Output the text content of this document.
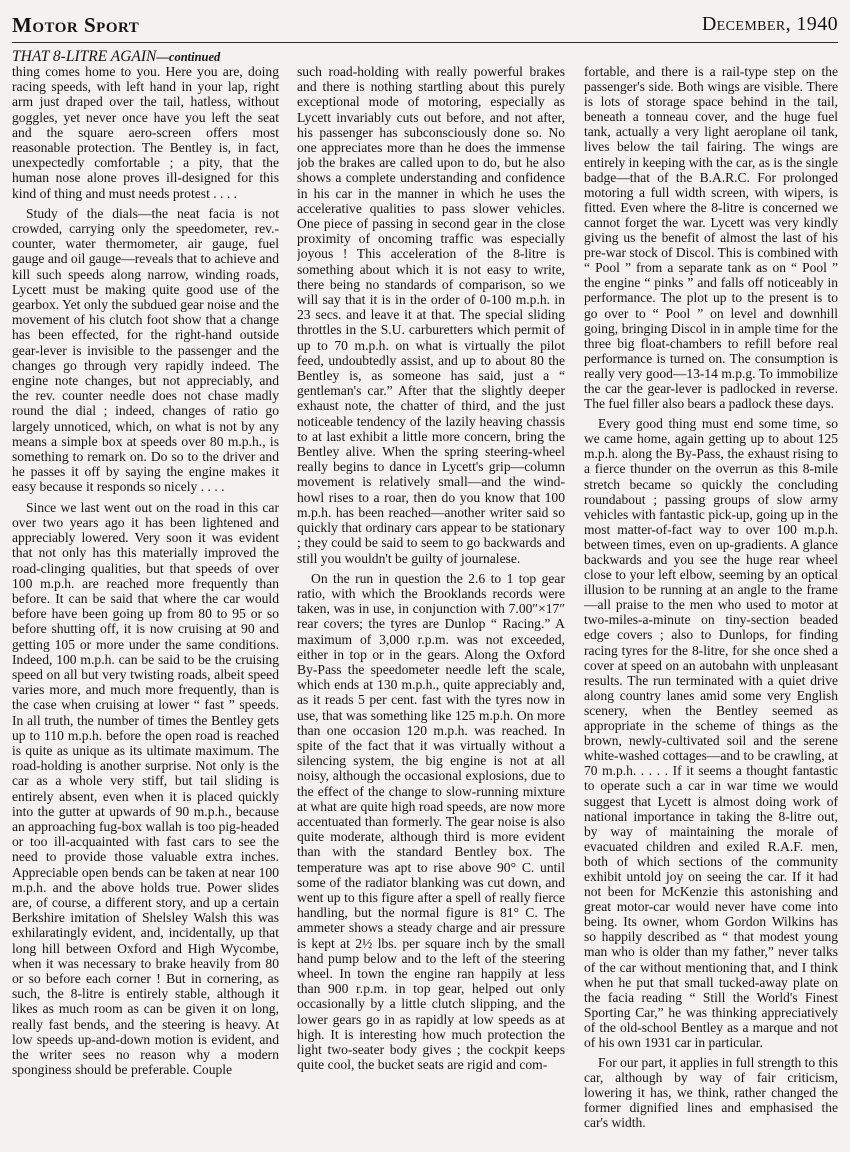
Motor Sport	December, 1940
THAT 8-LITRE AGAIN—continued

thing comes home to you. Here you are, doing racing speeds, with left hand in your lap, right arm just draped over the tail, hatless, without goggles, yet never once have you left the seat and the square aero-screen offers most reasonable protection. The Bentley is, in fact, unexpectedly comfortable ; a pity, that the human nose alone proves ill-designed for this kind of thing and must needs protest . . . .

Study of the dials—the neat facia is not crowded, carrying only the speedometer, rev.-counter, water thermometer, air gauge, fuel gauge and oil gauge—reveals that to achieve and kill such speeds along narrow, winding roads, Lycett must be making quite good use of the gearbox. Yet only the subdued gear noise and the movement of his clutch foot show that a change has been effected, for the right-hand outside gear-lever is invisible to the passenger and the changes go through very rapidly indeed. The engine note changes, but not appreciably, and the rev. counter needle does not chase madly round the dial ; indeed, changes of ratio go largely unnoticed, which, on what is not by any means a simple box at speeds over 80 m.p.h., is something to remark on. Do so to the driver and he passes it off by saying the engine makes it easy because it responds so nicely . . . .

Since we last went out on the road in this car over two years ago it has been lightened and appreciably lowered. Very soon it was evident that not only has this materially improved the road-clinging qualities, but that speeds of over 100 m.p.h. are reached more frequently than before. It can be said that where the car would before have been going up from 80 to 95 or so before shutting off, it is now cruising at 90 and getting 105 or more under the same conditions. Indeed, 100 m.p.h. can be said to be the cruising speed on all but very twisting roads, albeit speed varies more, and much more frequently, than is the case when cruising at lower “ fast ” speeds. In all truth, the number of times the Bentley gets up to 110 m.p.h. before the open road is reached is quite as unique as its ultimate maximum. The road-holding is another surprise. Not only is the car as a whole very stiff, but tail sliding is entirely absent, even when it is placed quickly into the gutter at upwards of 90 m.p.h., because an approaching fug-box wallah is too pig-headed or too ill-acquainted with fast cars to see the need to provide those valuable extra inches. Appreciable open bends can be taken at near 100 m.p.h. and the above holds true. Power slides are, of course, a different story, and up a certain Berkshire imitation of Shelsley Walsh this was exhilaratingly evident, and, incidentally, up that long hill between Oxford and High Wycombe, when it was necessary to brake heavily from 80 or so before each corner ! But in cornering, as such, the 8-litre is entirely stable, although it likes as much room as can be given it on long, really fast bends, and the steering is heavy. At low speeds up-and-down motion is evident, and the writer sees no reason why a modern sponginess should be preferable. Couple

such road-holding with really powerful brakes and there is nothing startling about this purely exceptional mode of motoring, especially as Lycett invariably cuts out before, and not after, his passenger has subconsciously done so. No one appreciates more than he does the immense job the brakes are called upon to do, but he also shows a complete understanding and confidence in his car in the manner in which he uses the accelerative qualities to pass slower vehicles. One piece of passing in second gear in the close proximity of oncoming traffic was especially joyous ! This acceleration of the 8-litre is something about which it is not easy to write, there being no standards of comparison, so we will say that it is in the order of 0-100 m.p.h. in 23 secs. and leave it at that. The special sliding throttles in the S.U. carburetters which permit of up to 70 m.p.h. on what is virtually the pilot feed, undoubtedly assist, and up to about 80 the Bentley is, as someone has said, just a “ gentleman's car.” After that the slightly deeper exhaust note, the chatter of third, and the just noticeable tendency of the lazily heaving chassis to at last exhibit a little more concern, bring the Bentley alive. When the spring steering-wheel really begins to dance in Lycett's grip—column movement is relatively small—and the wind-howl rises to a roar, then do you know that 100 m.p.h. has been reached—another writer said so quickly that ordinary cars appear to be stationary ; they could be said to seem to go backwards and still you wouldn't be guilty of journalese.

On the run in question the 2.6 to 1 top gear ratio, with which the Brooklands records were taken, was in use, in conjunction with 7.00″×17″ rear covers; the tyres are Dunlop “ Racing.” A maximum of 3,000 r.p.m. was not exceeded, either in top or in the gears. Along the Oxford By-Pass the speedometer needle left the scale, which ends at 130 m.p.h., quite appreciably and, as it reads 5 per cent. fast with the tyres now in use, that was something like 125 m.p.h. On more than one occasion 120 m.p.h. was reached. In spite of the fact that it was virtually without a silencing system, the big engine is not at all noisy, although the occasional explosions, due to the effect of the change to slow-running mixture at what are quite high road speeds, are now more accentuated than formerly. The gear noise is also quite moderate, although third is more evident than with the standard Bentley box. The temperature was apt to rise above 90° C. until some of the radiator blanking was cut down, and went up to this figure after a spell of really fierce handling, but the normal figure is 81° C. The ammeter shows a steady charge and air pressure is kept at 2½ lbs. per square inch by the small hand pump below and to the left of the steering wheel. In town the engine ran happily at less than 900 r.p.m. in top gear, helped out only occasionally by a little clutch slipping, and the lower gears go in as rapidly at low speeds as at high. It is interesting how much protection the light two-seater body gives ; the cockpit keeps quite cool, the bucket seats are rigid and com-

fortable, and there is a rail-type step on the passenger's side. Both wings are visible. There is lots of storage space behind in the tail, beneath a tonneau cover, and the huge fuel tank, actually a very light aeroplane oil tank, lives below the tail fairing. The wings are entirely in keeping with the car, as is the single badge—that of the B.A.R.C. For prolonged motoring a full width screen, with wipers, is fitted. Even where the 8-litre is concerned we cannot forget the war. Lycett was very kindly giving us the benefit of almost the last of his pre-war stock of Discol. This is combined with “ Pool ” from a separate tank as on “ Pool ” the engine “ pinks ” and falls off noticeably in performance. The plot up to the present is to go over to “ Pool ” on level and downhill going, bringing Discol in in ample time for the three big float-chambers to refill before real performance is turned on. The consumption is really very good—13-14 m.p.g. To immobilize the car the gear-lever is padlocked in reverse. The fuel filler also bears a padlock these days.

Every good thing must end some time, so we came home, again getting up to about 125 m.p.h. along the By-Pass, the exhaust rising to a fierce thunder on the overrun as this 8-mile stretch became so quickly the concluding roundabout ; passing groups of slow army vehicles with fantastic pick-up, going up in the most matter-of-fact way to over 100 m.p.h. between times, even on up-gradients. A glance backwards and you see the huge rear wheel close to your left elbow, seeming by an optical illusion to be running at an angle to the frame—all praise to the men who used to motor at two-miles-a-minute on tiny-section beaded edge covers ; also to Dunlops, for finding racing tyres for the 8-litre, for she once shed a cover at speed on an autobahn with unpleasant results. The run terminated with a quiet drive along country lanes amid some very English scenery, when the Bentley seemed as appropriate in the scheme of things as the brown, newly-cultivated soil and the serene white-washed cottages—and to be crawling, at 70 m.p.h. . . . . If it seems a thought fantastic to operate such a car in war time we would suggest that Lycett is almost doing work of national importance in taking the 8-litre out, by way of maintaining the morale of evacuated children and exiled R.A.F. men, both of which sections of the community exhibit untold joy on seeing the car. If it had not been for McKenzie this astonishing and great motor-car would never have come into being. Its owner, whom Gordon Wilkins has so happily described as “ that modest young man who is older than my father,” never talks of the car without mentioning that, and I think when he put that small tucked-away plate on the facia reading “ Still the World's Finest Sporting Car,” he was thinking appreciatively of the old-school Bentley as a marque and not of his own 1931 car in particular.

For our part, it applies in full strength to this car, although by way of fair criticism, lowering it has, we think, rather changed the former dignified lines and emphasised the car's width.
